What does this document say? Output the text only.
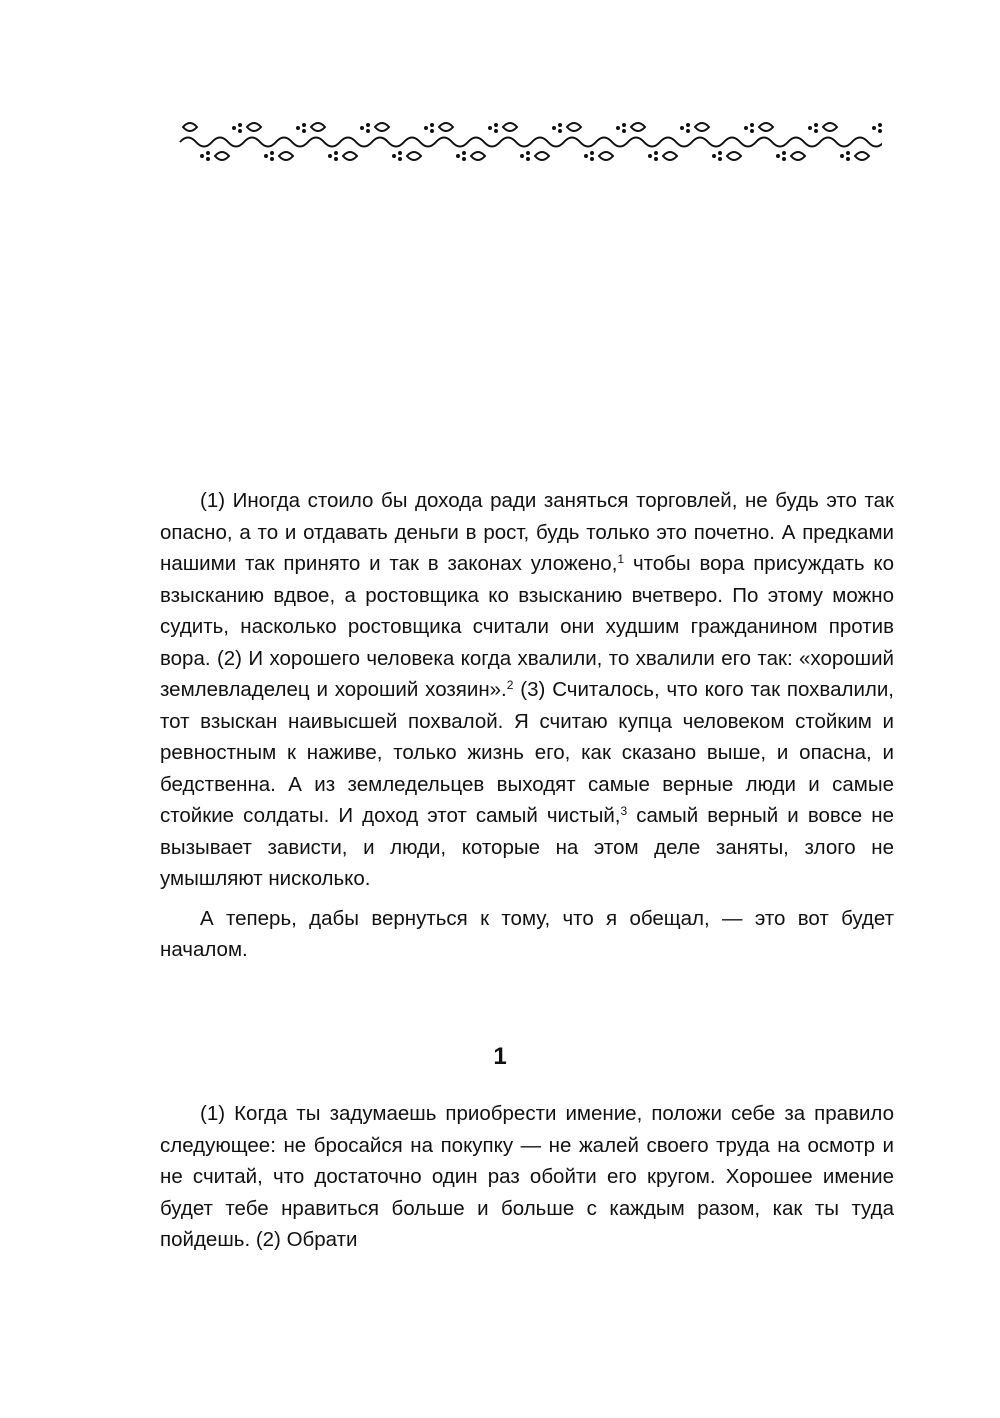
(1) Иногда стоило бы дохода ради заняться торговлей, не будь это так опасно, а то и отдавать деньги в рост, будь только это почетно. А предками нашими так принято и так в законах уложено,$^1$ чтобы вора присуждать ко взысканию вдвое, а ростовщика ко взысканию вчетверо. По этому можно судить, насколько ростовщика считали они худшим гражданином против вора. (2) И хорошего человека когда хвалили, то хвалили его так: «хороший землевладелец и хороший хозяин».$^2$ (3) Считалось, что кого так похвалили, тот взыскан наивысшей похвалой. Я считаю купца человеком стойким и ревностным к наживе, только жизнь его, как сказано выше, и опасна, и бедственна. А из земледельцев выходят самые верные люди и самые стойкие солдаты. И доход этот самый чистый,$^3$ самый верный и вовсе не вызывает зависти, и люди, которые на этом деле заняты, злого не умышляют нисколько.

А теперь, дабы вернуться к тому, что я обещал, — это вот будет началом.

1

(1) Когда ты задумаешь приобрести имение, положи себе за правило следующее: не бросайся на покупку — не жалей своего труда на осмотр и не считай, что достаточно один раз обойти его кругом. Хорошее имение будет тебе нравиться больше и больше с каждым разом, как ты туда пойдешь. (2) Обрати
